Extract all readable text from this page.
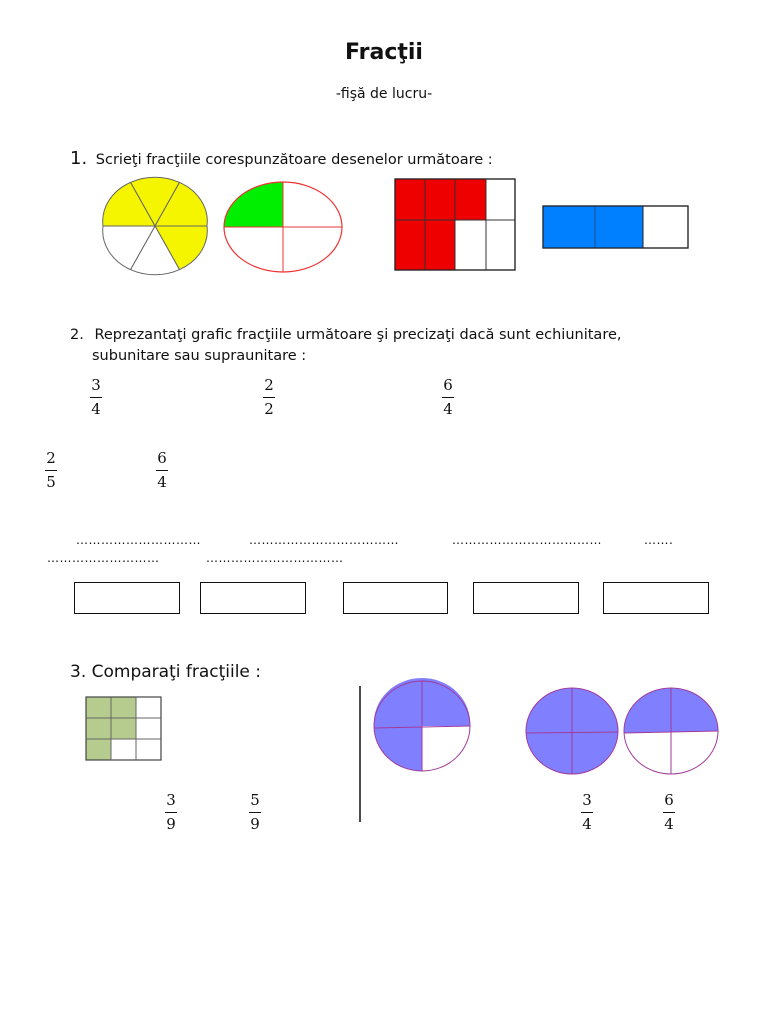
Fracţii
-fişă de lucru-
1. Scrieţi fracţiile corespunzătoare desenelor următoare :
2. Reprezantaţi grafic fracţiile următoare şi precizaţi dacă sunt echiunitare,
subunitare sau supraunitare :
3
4
2
2
6
4
2
5
6
4
…………………………	………………………………	………………………………	…….
………………………	……………………………
3. Comparaţi fracţiile :
3
9
5
9
3
4
6
4
